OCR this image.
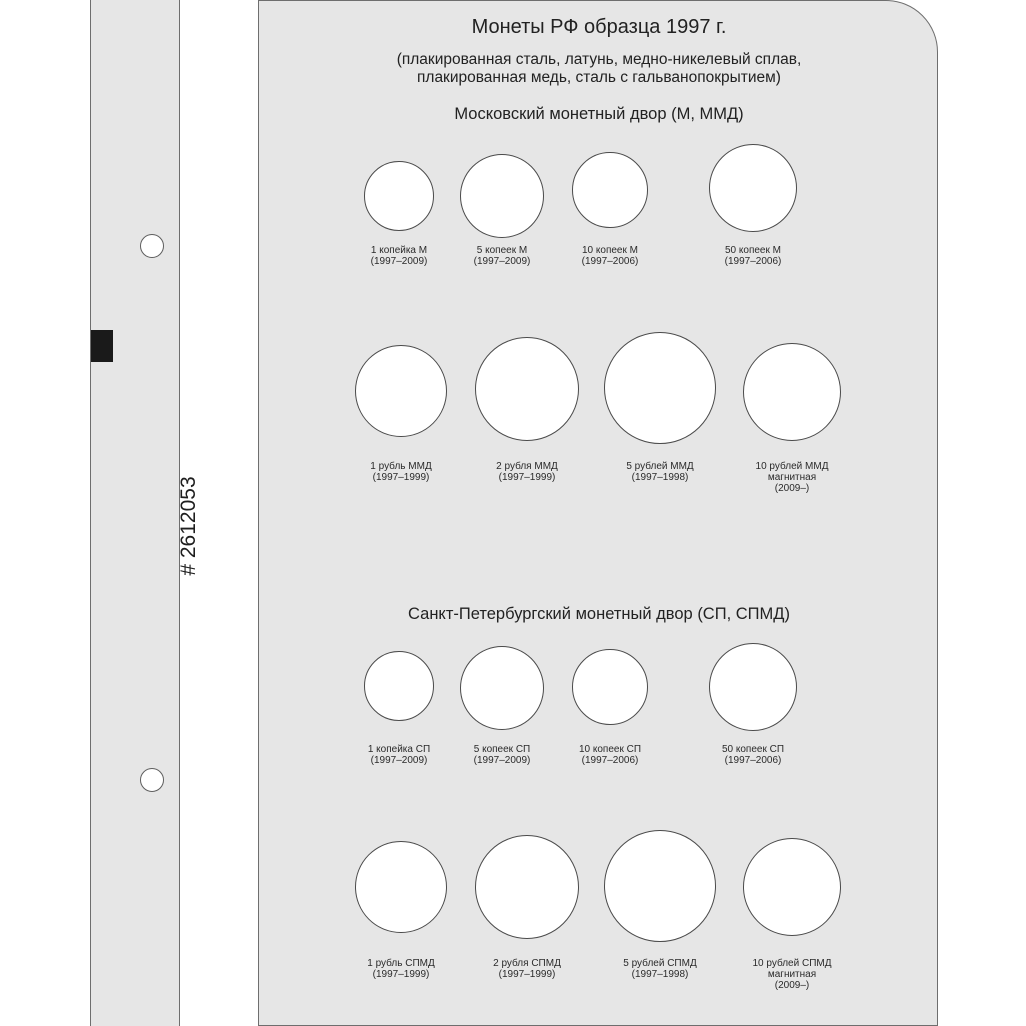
# 2612053
Монеты РФ образца 1997 г.
(плакированная сталь, латунь, медно-никелевый сплав,
плакированная медь, сталь с гальванопокрытием)
Московский монетный двор (М, ММД)
Санкт-Петербургский монетный двор (СП, СПМД)
1 копейка М
(1997–2009)
5 копеек М
(1997–2009)
10 копеек М
(1997–2006)
50 копеек М
(1997–2006)
1 рубль ММД
(1997–1999)
2 рубля ММД
(1997–1999)
5 рублей ММД
(1997–1998)
10 рублей ММД
магнитная
(2009–)
1 копейка СП
(1997–2009)
5 копеек СП
(1997–2009)
10 копеек СП
(1997–2006)
50 копеек СП
(1997–2006)
1 рубль СПМД
(1997–1999)
2 рубля СПМД
(1997–1999)
5 рублей СПМД
(1997–1998)
10 рублей СПМД
магнитная
(2009–)
